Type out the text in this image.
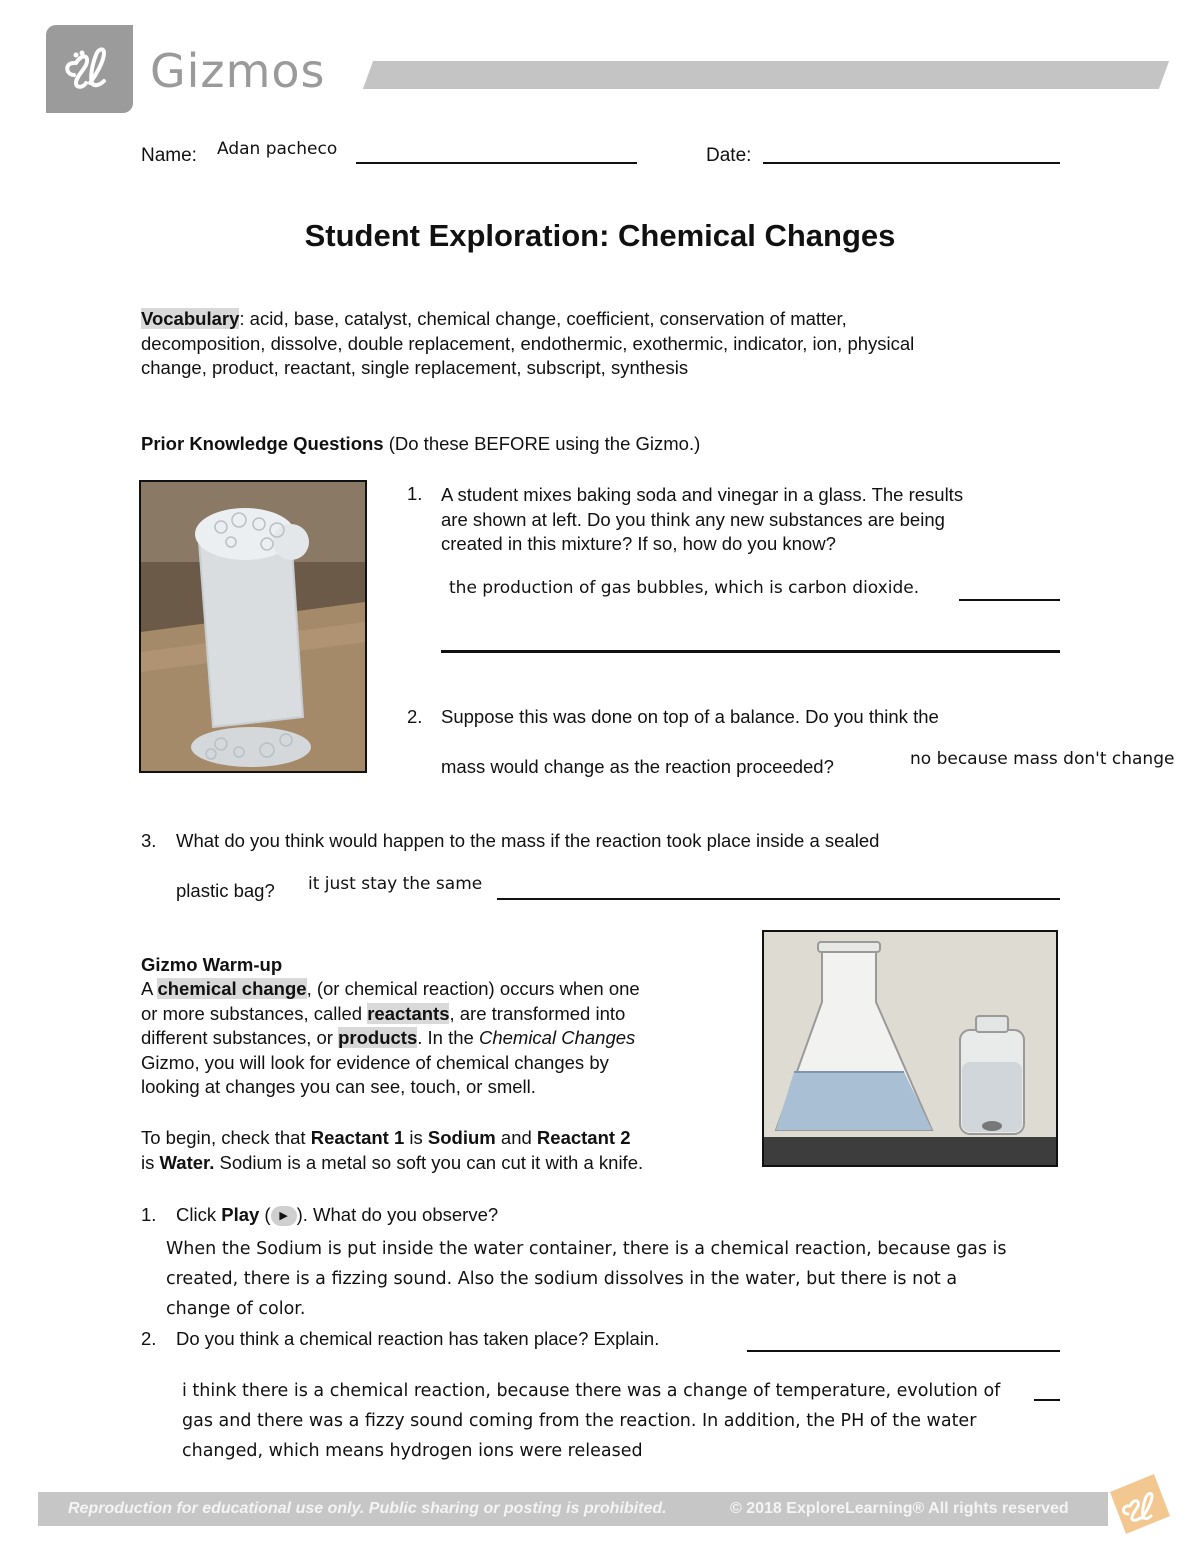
Gizmos
Name: Adan pacheco	Date:
Student Exploration: Chemical Changes
Vocabulary: acid, base, catalyst, chemical change, coefficient, conservation of matter,
decomposition, dissolve, double replacement, endothermic, exothermic, indicator, ion, physical
change, product, reactant, single replacement, subscript, synthesis
Prior Knowledge Questions (Do these BEFORE using the Gizmo.)
1. A student mixes baking soda and vinegar in a glass. The results
are shown at left. Do you think any new substances are being
created in this mixture? If so, how do you know?
the production of gas bubbles, which is carbon dioxide.
2. Suppose this was done on top of a balance. Do you think the
mass would change as the reaction proceeded?	no because mass don't change
3. What do you think would happen to the mass if the reaction took place inside a sealed
plastic bag? it just stay the same
Gizmo Warm-up
A chemical change, (or chemical reaction) occurs when one
or more substances, called reactants, are transformed into
different substances, or products. In the Chemical Changes
Gizmo, you will look for evidence of chemical changes by
looking at changes you can see, touch, or smell.
To begin, check that Reactant 1 is Sodium and Reactant 2
is Water. Sodium is a metal so soft you can cut it with a knife.
1. Click Play ( ▶ ). What do you observe?
When the Sodium is put inside the water container, there is a chemical reaction, because gas is
created, there is a fizzing sound. Also the sodium dissolves in the water, but there is not a
change of color.
2. Do you think a chemical reaction has taken place? Explain.
i think there is a chemical reaction, because there was a change of temperature, evolution of
gas and there was a fizzy sound coming from the reaction. In addition, the PH of the water
changed, which means hydrogen ions were released
Reproduction for educational use only. Public sharing or posting is prohibited.	© 2018 ExploreLearning® All rights reserved
